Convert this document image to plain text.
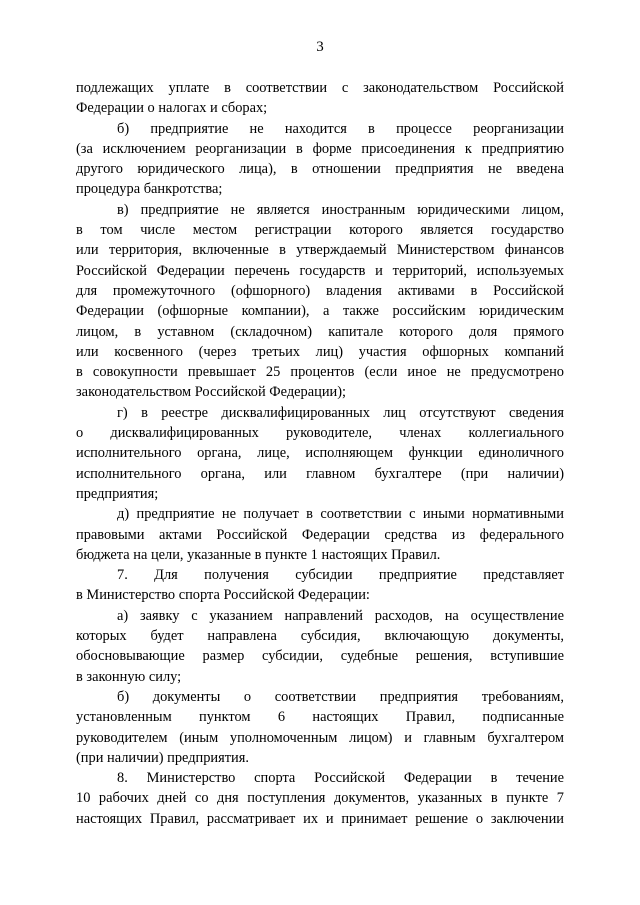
3
подлежащих уплате в соответствии с законодательством Российской
Федерации о налогах и сборах;
б) предприятие не находится в процессе реорганизации
(за исключением реорганизации в форме присоединения к предприятию
другого юридического лица), в отношении предприятия не введена
процедура банкротства;
в) предприятие не является иностранным юридическими лицом,
в том числе местом регистрации которого является государство
или территория, включенные в утверждаемый Министерством финансов
Российской Федерации перечень государств и территорий, используемых
для промежуточного (офшорного) владения активами в Российской
Федерации (офшорные компании), а также российским юридическим
лицом, в уставном (складочном) капитале которого доля прямого
или косвенного (через третьих лиц) участия офшорных компаний
в совокупности превышает 25 процентов (если иное не предусмотрено
законодательством Российской Федерации);
г) в реестре дисквалифицированных лиц отсутствуют сведения
о дисквалифицированных руководителе, членах коллегиального
исполнительного органа, лице, исполняющем функции единоличного
исполнительного органа, или главном бухгалтере (при наличии)
предприятия;
д) предприятие не получает в соответствии с иными нормативными
правовыми актами Российской Федерации средства из федерального
бюджета на цели, указанные в пункте 1 настоящих Правил.
7. Для получения субсидии предприятие представляет
в Министерство спорта Российской Федерации:
а) заявку с указанием направлений расходов, на осуществление
которых будет направлена субсидия, включающую документы,
обосновывающие размер субсидии, судебные решения, вступившие
в законную силу;
б) документы о соответствии предприятия требованиям,
установленным пунктом 6 настоящих Правил, подписанные
руководителем (иным уполномоченным лицом) и главным бухгалтером
(при наличии) предприятия.
8. Министерство спорта Российской Федерации в течение
10 рабочих дней со дня поступления документов, указанных в пункте 7
настоящих Правил, рассматривает их и принимает решение о заключении
